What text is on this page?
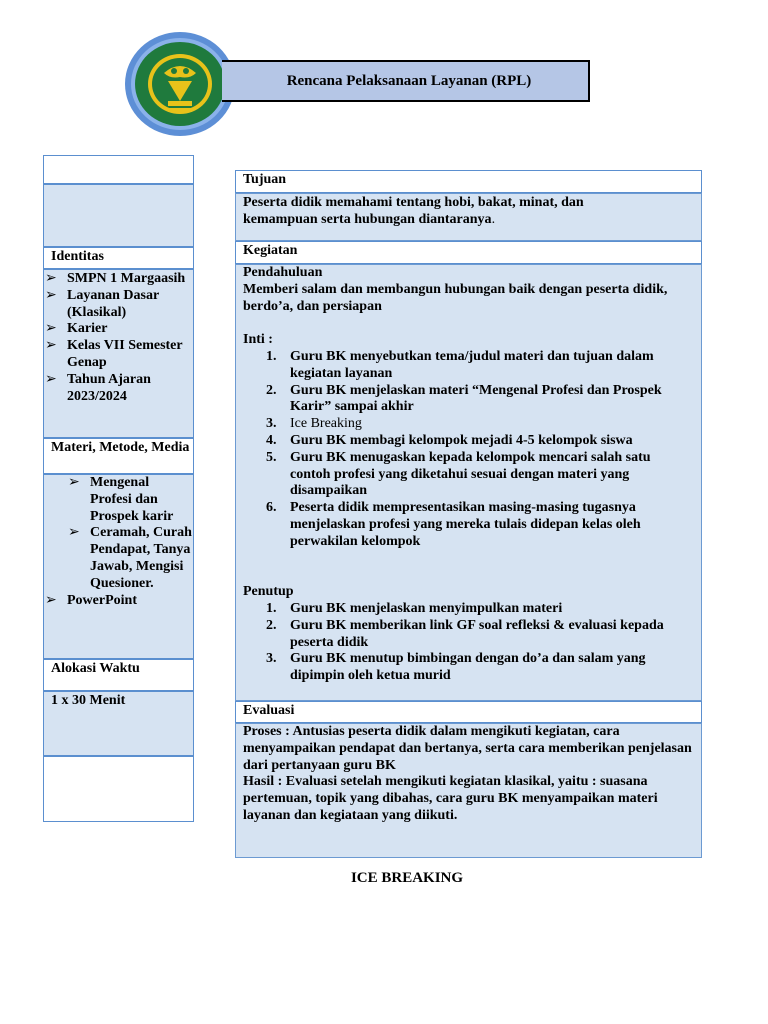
Rencana Pelaksanaan Layanan (RPL)
Identitas
➢ SMPN 1 Margaasih
➢ Layanan Dasar (Klasikal)
➢ Karier
➢ Kelas VII Semester Genap
➢ Tahun Ajaran 2023/2024
Materi, Metode, Media
➢ Mengenal Profesi dan Prospek karir
➢ Ceramah, Curah Pendapat, Tanya Jawab, Mengisi Quesioner.
➢ PowerPoint
Alokasi Waktu
1 x 30 Menit
Tujuan
Peserta didik memahami tentang hobi, bakat, minat, dan
kemampuan serta hubungan diantaranya.
Kegiatan
Pendahuluan
Memberi salam dan membangun hubungan baik dengan peserta didik, berdo’a, dan persiapan
Inti :
1. Guru BK menyebutkan tema/judul materi dan tujuan dalam kegiatan layanan
2. Guru BK menjelaskan materi “Mengenal Profesi dan Prospek Karir” sampai akhir
3. Ice Breaking
4. Guru BK membagi kelompok mejadi 4-5 kelompok siswa
5. Guru BK menugaskan kepada kelompok mencari salah satu contoh profesi yang diketahui sesuai dengan materi yang disampaikan
6. Peserta didik mempresentasikan masing-masing tugasnya menjelaskan profesi yang mereka tulais didepan kelas oleh perwakilan kelompok
Penutup
1. Guru BK menjelaskan menyimpulkan materi
2. Guru BK memberikan link GF soal refleksi & evaluasi kepada peserta didik
3. Guru BK menutup bimbingan dengan do’a dan salam yang dipimpin oleh ketua murid
Evaluasi
Proses : Antusias peserta didik dalam mengikuti kegiatan, cara menyampaikan pendapat dan bertanya, serta cara memberikan penjelasan dari pertanyaan guru BK
Hasil : Evaluasi setelah mengikuti kegiatan klasikal, yaitu : suasana pertemuan, topik yang dibahas, cara guru BK menyampaikan materi layanan dan kegiataan yang diikuti.
ICE BREAKING
